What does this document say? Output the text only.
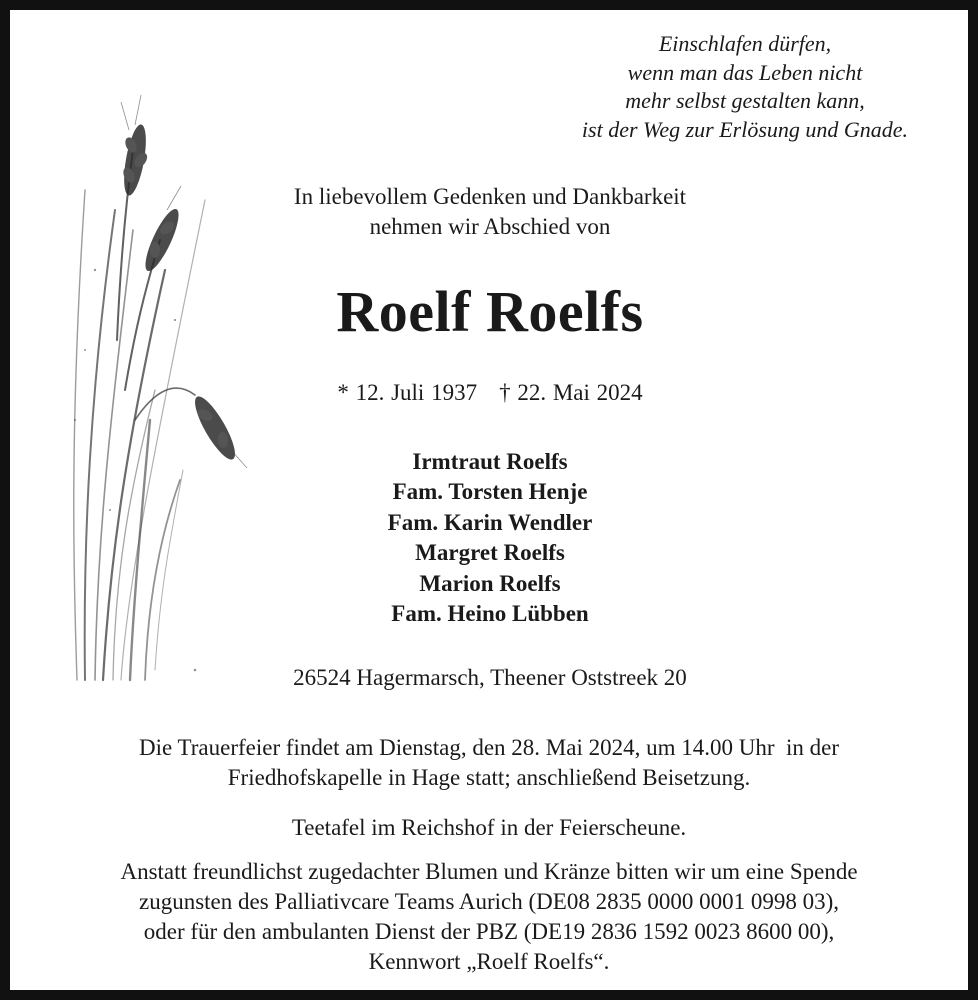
Einschlafen dürfen,
wenn man das Leben nicht
mehr selbst gestalten kann,
ist der Weg zur Erlösung und Gnade.
In liebevollem Gedenken und Dankbarkeit
nehmen wir Abschied von
Roelf Roelfs
* 12. Juli 1937 † 22. Mai 2024
Irmtraut Roelfs
Fam. Torsten Henje
Fam. Karin Wendler
Margret Roelfs
Marion Roelfs
Fam. Heino Lübben
26524 Hagermarsch, Theener Oststreek 20
Die Trauerfeier findet am Dienstag, den 28. Mai 2024, um 14.00 Uhr  in der
Friedhofskapelle in Hage statt; anschließend Beisetzung.
Teetafel im Reichshof in der Feierscheune.
Anstatt freundlichst zugedachter Blumen und Kränze bitten wir um eine Spende
zugunsten des Palliativcare Teams Aurich (DE08 2835 0000 0001 0998 03),
oder für den ambulanten Dienst der PBZ (DE19 2836 1592 0023 8600 00),
Kennwort „Roelf Roelfs“.
